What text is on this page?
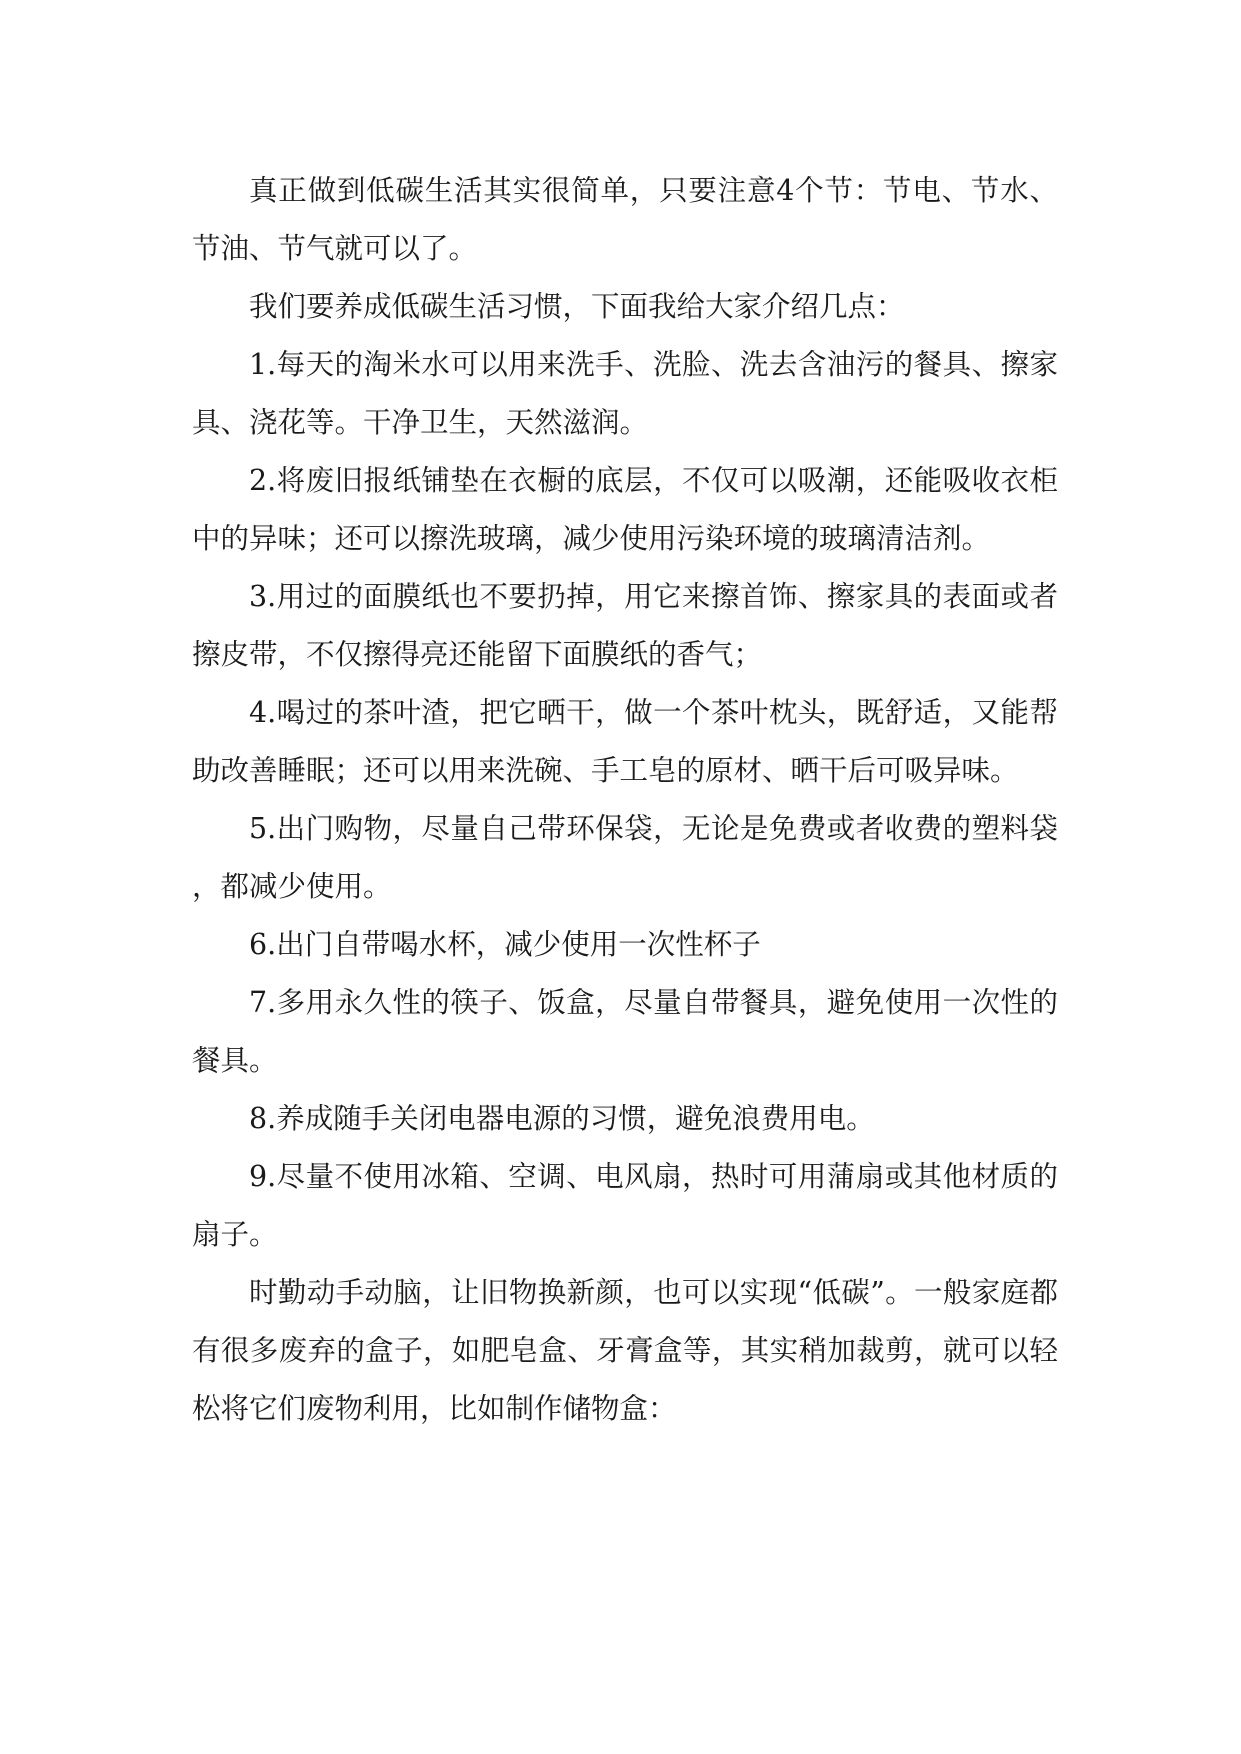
真正做到低碳生活其实很简单，只要注意4个节：节电、节水、节油、节气就可以了。

我们要养成低碳生活习惯，下面我给大家介绍几点：

1.每天的淘米水可以用来洗手、洗脸、洗去含油污的餐具、擦家具、浇花等。干净卫生，天然滋润。

2.将废旧报纸铺垫在衣橱的底层，不仅可以吸潮，还能吸收衣柜中的异味；还可以擦洗玻璃，减少使用污染环境的玻璃清洁剂。

3.用过的面膜纸也不要扔掉，用它来擦首饰、擦家具的表面或者擦皮带，不仅擦得亮还能留下面膜纸的香气；

4.喝过的茶叶渣，把它晒干，做一个茶叶枕头，既舒适，又能帮助改善睡眠；还可以用来洗碗、手工皂的原材、晒干后可吸异味。

5.出门购物，尽量自己带环保袋，无论是免费或者收费的塑料袋，都减少使用。

6.出门自带喝水杯，减少使用一次性杯子

7.多用永久性的筷子、饭盒，尽量自带餐具，避免使用一次性的餐具。

8.养成随手关闭电器电源的习惯，避免浪费用电。

9.尽量不使用冰箱、空调、电风扇，热时可用蒲扇或其他材质的扇子。

时勤动手动脑，让旧物换新颜，也可以实现“低碳”。一般家庭都有很多废弃的盒子，如肥皂盒、牙膏盒等，其实稍加裁剪，就可以轻松将它们废物利用，比如制作储物盒：
